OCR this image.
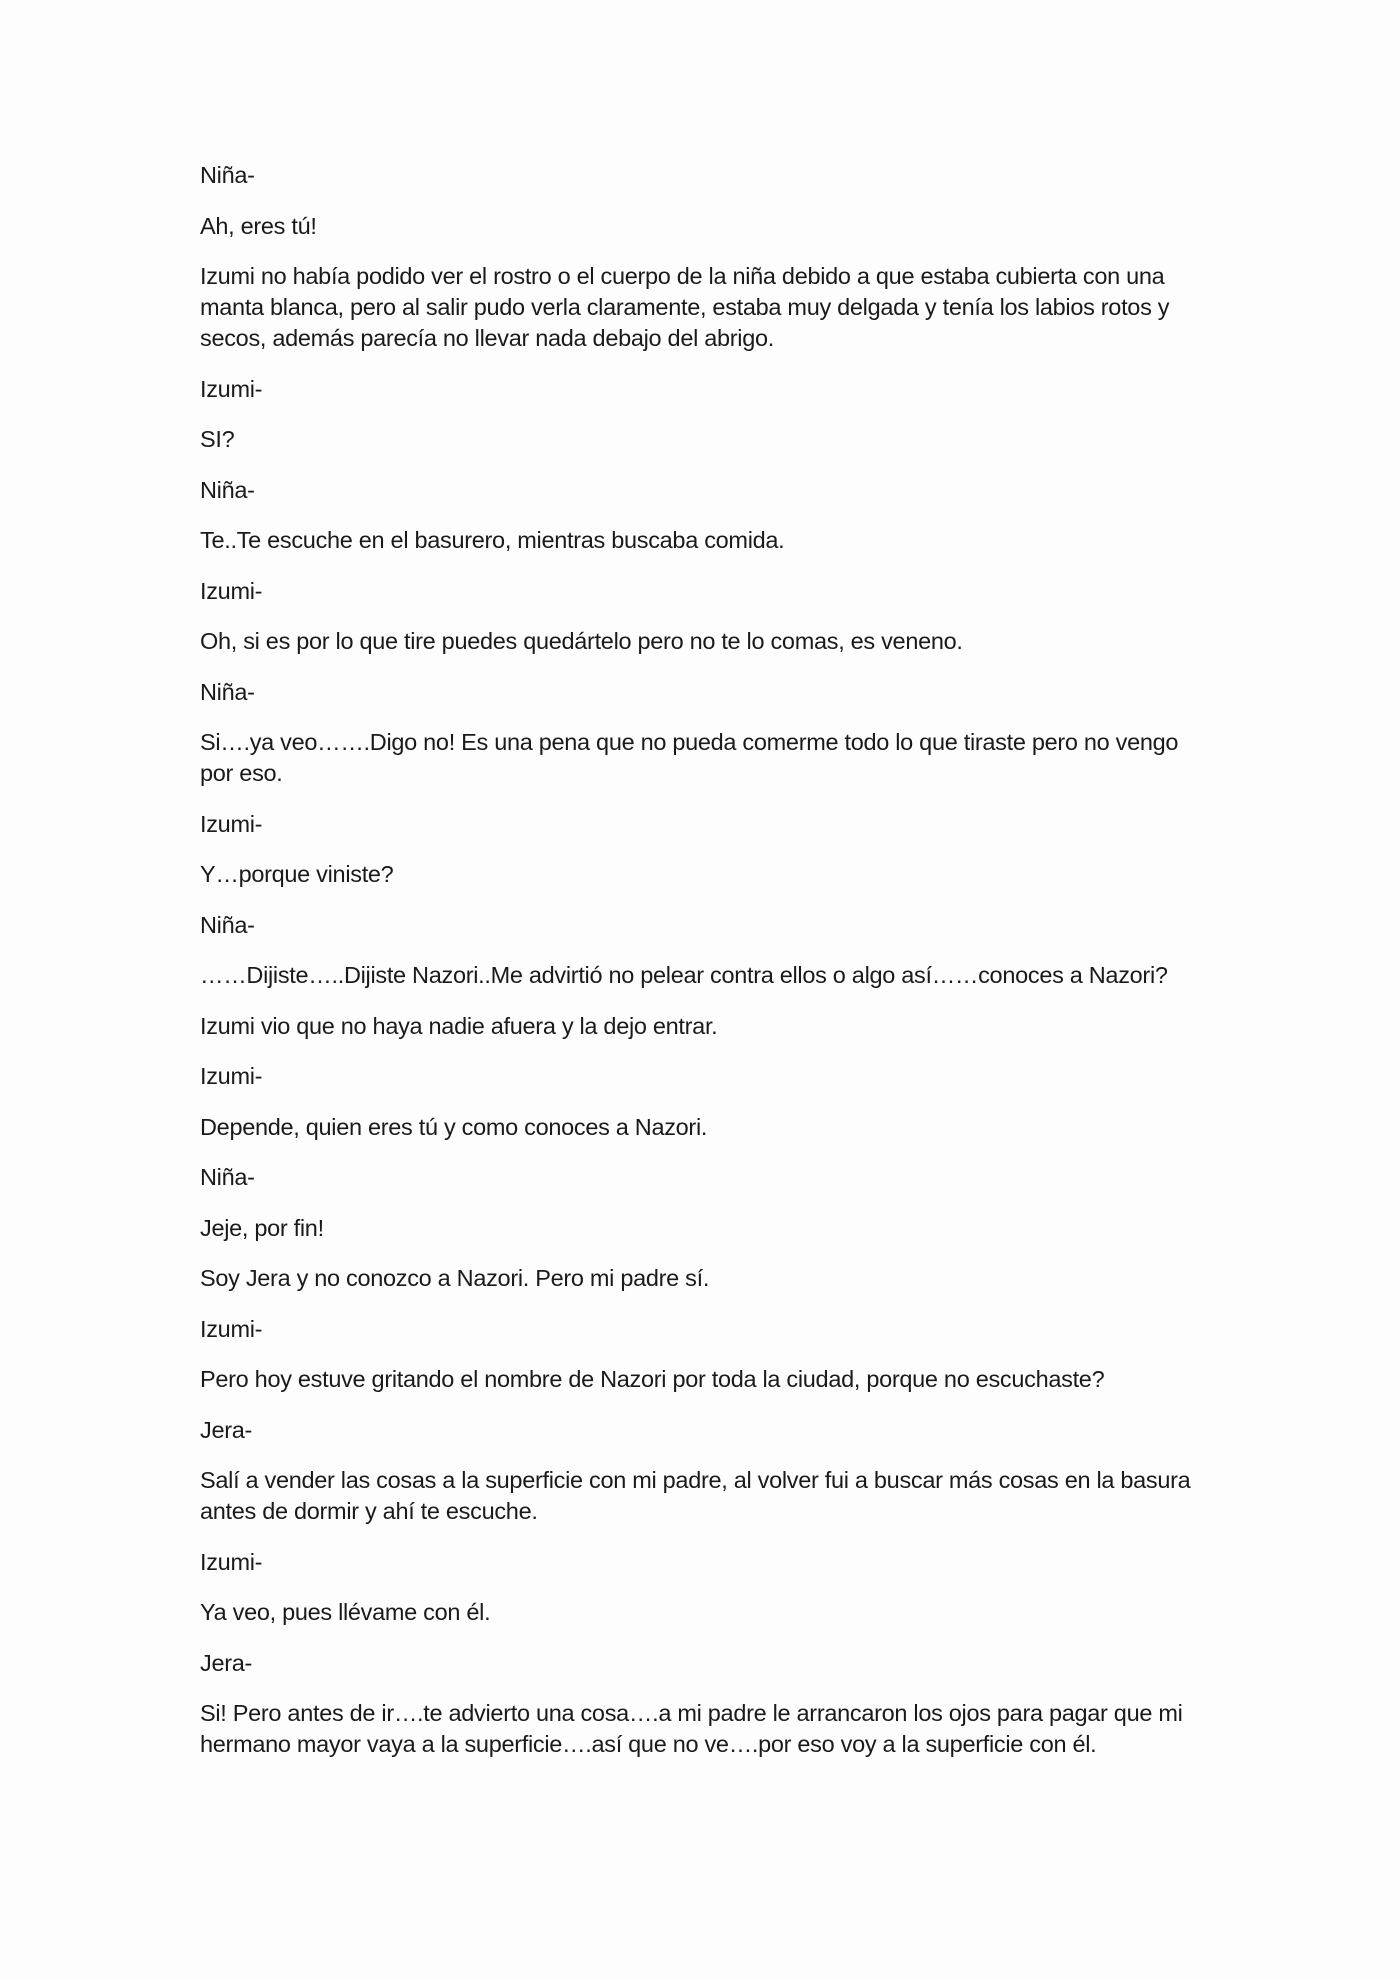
Niña-

Ah, eres tú!

Izumi no había podido ver el rostro o el cuerpo de la niña debido a que estaba cubierta con una manta blanca, pero al salir pudo verla claramente, estaba muy delgada y tenía los labios rotos y secos, además parecía no llevar nada debajo del abrigo.

Izumi-

SI?

Niña-

Te..Te escuche en el basurero, mientras buscaba comida.

Izumi-

Oh, si es por lo que tire puedes quedártelo pero no te lo comas, es veneno.

Niña-

Si….ya veo…….Digo no! Es una pena que no pueda comerme todo lo que tiraste pero no vengo por eso.

Izumi-

Y…porque viniste?

Niña-

……Dijiste…..Dijiste Nazori..Me advirtió no pelear contra ellos o algo así……conoces a Nazori?

Izumi vio que no haya nadie afuera y la dejo entrar.

Izumi-

Depende, quien eres tú y como conoces a Nazori.

Niña-

Jeje, por fin!

Soy Jera y no conozco a Nazori. Pero mi padre sí.

Izumi-

Pero hoy estuve gritando el nombre de Nazori por toda la ciudad, porque no escuchaste?

Jera-

Salí a vender las cosas a la superficie con mi padre, al volver fui a buscar más cosas en la basura antes de dormir y ahí te escuche.

Izumi-

Ya veo, pues llévame con él.

Jera-

Si! Pero antes de ir….te advierto una cosa….a mi padre le arrancaron los ojos para pagar que mi hermano mayor vaya a la superficie….así que no ve….por eso voy a la superficie con él.
